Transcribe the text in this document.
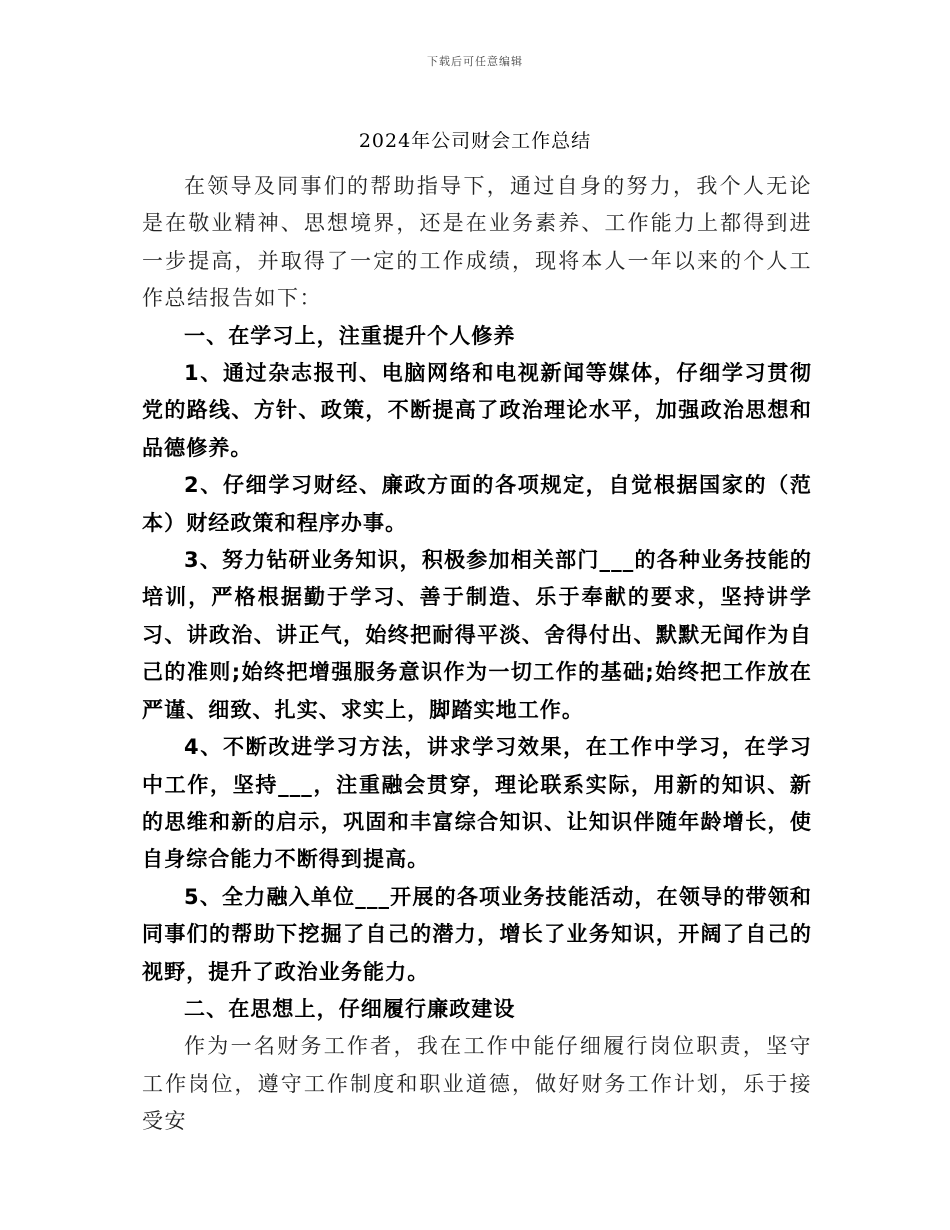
下载后可任意编辑
2024年公司财会工作总结

在领导及同事们的帮助指导下，通过自身的努力，我个人无论是在敬业精神、思想境界，还是在业务素养、工作能力上都得到进一步提高，并取得了一定的工作成绩，现将本人一年以来的个人工作总结报告如下：

一、在学习上，注重提升个人修养

1、通过杂志报刊、电脑网络和电视新闻等媒体，仔细学习贯彻党的路线、方针、政策，不断提高了政治理论水平，加强政治思想和品德修养。

2、仔细学习财经、廉政方面的各项规定，自觉根据国家的（范本）财经政策和程序办事。

3、努力钻研业务知识，积极参加相关部门___的各种业务技能的培训，严格根据勤于学习、善于制造、乐于奉献的要求，坚持讲学习、讲政治、讲正气，始终把耐得平淡、舍得付出、默默无闻作为自己的准则;始终把增强服务意识作为一切工作的基础;始终把工作放在严谨、细致、扎实、求实上，脚踏实地工作。

4、不断改进学习方法，讲求学习效果，在工作中学习，在学习中工作，坚持___，注重融会贯穿，理论联系实际，用新的知识、新的思维和新的启示，巩固和丰富综合知识、让知识伴随年龄增长，使自身综合能力不断得到提高。

5、全力融入单位___开展的各项业务技能活动，在领导的带领和同事们的帮助下挖掘了自己的潜力，增长了业务知识，开阔了自己的视野，提升了政治业务能力。

二、在思想上，仔细履行廉政建设

作为一名财务工作者，我在工作中能仔细履行岗位职责，坚守工作岗位，遵守工作制度和职业道德，做好财务工作计划，乐于接受安
